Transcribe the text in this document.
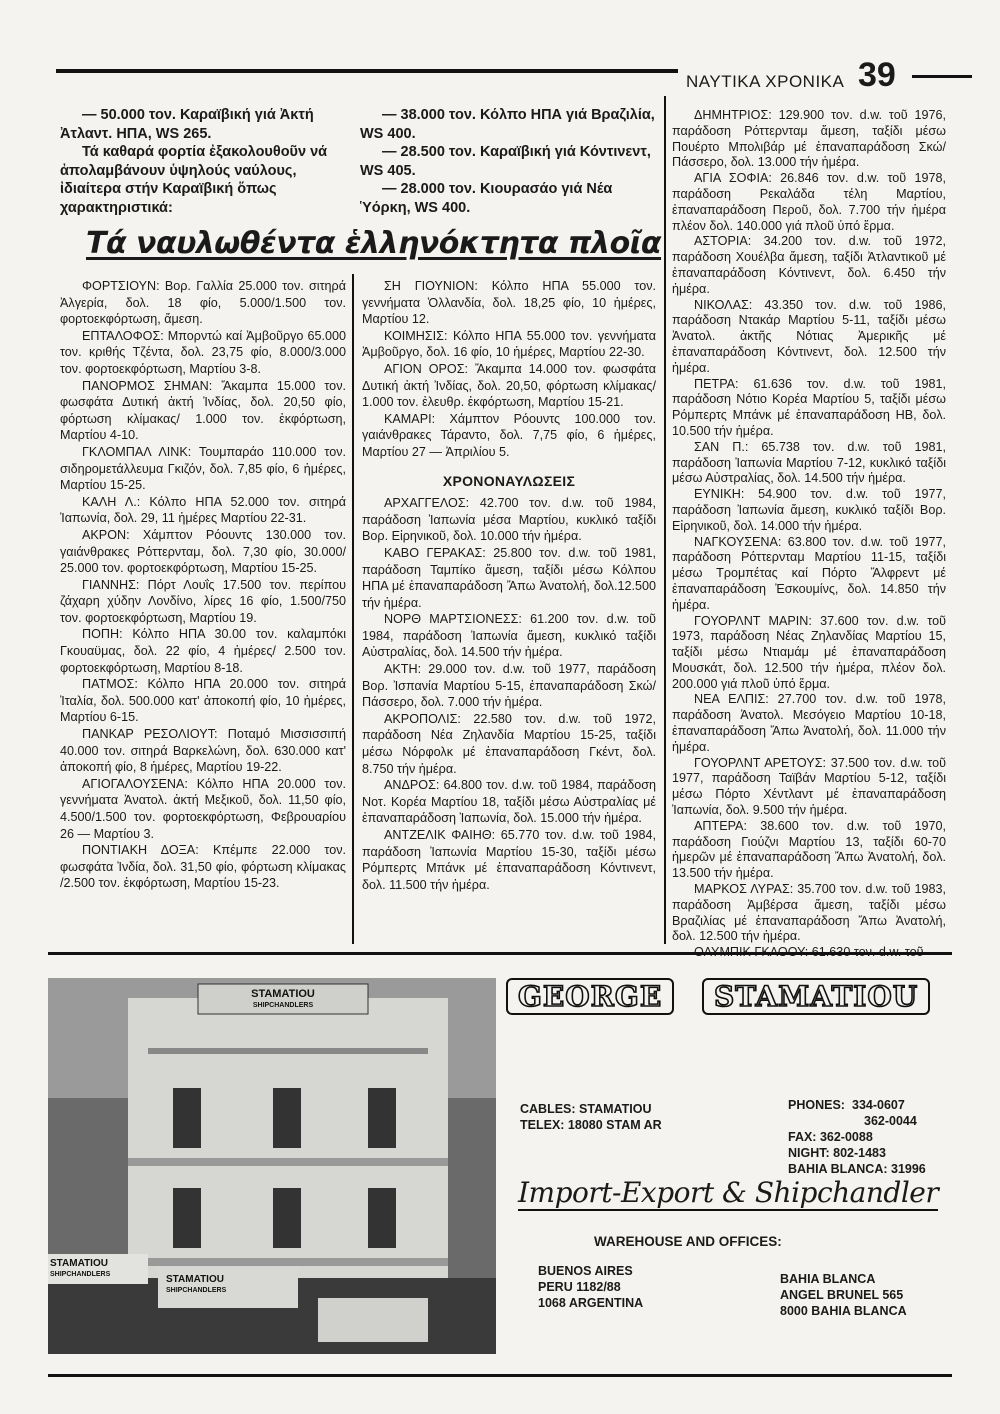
ΝΑΥΤΙΚΑ ΧΡΟΝΙΚΑ 39

— 50.000 τον. Καραϊβική γιά Ἀκτή Ἀτλαντ. ΗΠΑ, WS 265.

Τά καθαρά φορτία ἐξακολουθοῦν νά ἀπολαμβάνουν ὑψηλούς ναύλους, ἰδιαίτερα στήν Καραϊβική ὅπως χαρακτηριστικά:

— 38.000 τον. Κόλπο ΗΠΑ γιά Βραζιλία, WS 400.

— 28.500 τον. Καραϊβική γιά Κόντινεντ, WS 405.

— 28.000 τον. Κιουρασάο γιά Νέα Ὑόρκη, WS 400.

Τά ναυλωθέντα ἑλληνόκτητα πλοῖα

ΦΟΡΤΣΙΟΥΝ: Βορ. Γαλλία 25.000 τον. σιτηρά Ἀλγερία, δολ. 18 φίο, 5.000/1.500 τον. φορτοεκφόρτωση, ἄμεση.

ΕΠΤΑΛΟΦΟΣ: Μπορντώ καί Ἀμβοῦργο 65.000 τον. κριθής Τζέντα, δολ. 23,75 φίο, 8.000/3.000 τον. φορτοεκφόρτωση, Μαρτίου 3-8.

ΠΑΝΟΡΜΟΣ ΣΗΜΑΝ: Ἄκαμπα 15.000 τον. φωσφάτα Δυτική ἀκτή Ἰνδίας, δολ. 20,50 φίο, φόρτωση κλίμακας/ 1.000 τον. ἐκφόρτωση, Μαρτίου 4-10.

ΓΚΛΟΜΠΑΛ ΛΙΝΚ: Τουμπαράο 110.000 τον. σιδηρομετάλλευμα Γκιζόν, δολ. 7,85 φίο, 6 ἡμέρες, Μαρτίου 15-25.

ΚΑΛΗ Λ.: Κόλπο ΗΠΑ 52.000 τον. σιτηρά Ἰαπωνία, δολ. 29, 11 ἡμέρες Μαρτίου 22-31.

ΑΚΡΟΝ: Χάμπτον Ρόουντς 130.000 τον. γαιάνθρακες Ρόττερνταμ, δολ. 7,30 φίο, 30.000/ 25.000 τον. φορτοεκφόρτωση, Μαρτίου 15-25.

ΓΙΑΝΝΗΣ: Πόρτ Λουΐς 17.500 τον. περίπου ζάχαρη χύδην Λονδίνο, λίρες 16 φίο, 1.500/750 τον. φορτοεκφόρτωση, Μαρτίου 19.

ΠΟΠΗ: Κόλπο ΗΠΑ 30.00 τον. καλαμπόκι Γκουαϋμας, δολ. 22 φίο, 4 ἡμέρες/ 2.500 τον. φορτοεκφόρτωση, Μαρτίου 8-18.

ΠΑΤΜΟΣ: Κόλπο ΗΠΑ 20.000 τον. σιτηρά Ἰταλία, δολ. 500.000 κατ' ἀποκοπή φίο, 10 ἡμέρες, Μαρτίου 6-15.

ΠΑΝΚΑΡ ΡΕΣΟΛΙΟΥΤ: Ποταμό Μισσισσιπή 40.000 τον. σιτηρά Βαρκελώνη, δολ. 630.000 κατ' ἀποκοπή φίο, 8 ἡμέρες, Μαρτίου 19-22.

ΑΓΙΟΓΑΛΟΥΣΕΝΑ: Κόλπο ΗΠΑ 20.000 τον. γεννήματα Ἀνατολ. ἀκτή Μεξικοῦ, δολ. 11,50 φίο, 4.500/1.500 τον. φορτοεκφόρτωση, Φεβρουαρίου 26 — Μαρτίου 3.

ΠΟΝΤΙΑΚΗ ΔΟΞΑ: Κπέμπε 22.000 τον. φωσφάτα Ἰνδία, δολ. 31,50 φίο, φόρτωση κλίμακας /2.500 τον. ἐκφόρτωση, Μαρτίου 15-23.

ΣΗ ΓΙΟΥΝΙΟΝ: Κόλπο ΗΠΑ 55.000 τον. γεννήματα Ὁλλανδία, δολ. 18,25 φίο, 10 ἡμέρες, Μαρτίου 12.

ΚΟΙΜΗΣΙΣ: Κόλπο ΗΠΑ 55.000 τον. γεννήματα Ἀμβοῦργο, δολ. 16 φίο, 10 ἡμέρες, Μαρτίου 22-30.

ΑΓΙΟΝ ΟΡΟΣ: Ἄκαμπα 14.000 τον. φωσφάτα Δυτική ἀκτή Ἰνδίας, δολ. 20,50, φόρτωση κλίμακας/ 1.000 τον. ἐλευθρ. ἐκφόρτωση, Μαρτίου 15-21.

ΚΑΜΑΡΙ: Χάμπτον Ρόουντς 100.000 τον. γαιάνθρακες Τάραντο, δολ. 7,75 φίο, 6 ἡμέρες, Μαρτίου 27 — Ἀπριλίου 5.

ΧΡΟΝΟΝΑΥΛΩΣΕΙΣ

ΑΡΧΑΓΓΕΛΟΣ: 42.700 τον. d.w. τοῦ 1984, παράδοση Ἰαπωνία μέσα Μαρτίου, κυκλικό ταξίδι Βορ. Εἰρηνικοῦ, δολ. 10.000 τήν ἡμέρα.

ΚΑΒΟ ΓΕΡΑΚΑΣ: 25.800 τον. d.w. τοῦ 1981, παράδοση Ταμπίκο ἄμεση, ταξίδι μέσω Κόλπου ΗΠΑ μέ ἐπαναπαράδοση Ἄπω Ἀνατολή, δολ.12.500 τήν ἡμέρα.

ΝΟΡΘ ΜΑΡΤΣΙΟΝΕΣΣ: 61.200 τον. d.w. τοῦ 1984, παράδοση Ἰαπωνία ἄμεση, κυκλικό ταξίδι Αὐστραλίας, δολ. 14.500 τήν ἡμέρα.

ΑΚΤΗ: 29.000 τον. d.w. τοῦ 1977, παράδοση Βορ. Ἰσπανία Μαρτίου 5-15, ἐπαναπαράδοση Σκώ/ Πάσσερο, δολ. 7.000 τήν ἡμέρα.

ΑΚΡΟΠΟΛΙΣ: 22.580 τον. d.w. τοῦ 1972, παράδοση Νέα Ζηλανδία Μαρτίου 15-25, ταξίδι μέσω Νόρφολκ μέ ἐπαναπαράδοση Γκέντ, δολ. 8.750 τήν ἡμέρα.

ΑΝΔΡΟΣ: 64.800 τον. d.w. τοῦ 1984, παράδοση Νοτ. Κορέα Μαρτίου 18, ταξίδι μέσω Αὐστραλίας μέ ἐπαναπαράδοση Ἰαπωνία, δολ. 15.000 τήν ἡμέρα.

ΑΝΤΖΕΛΙΚ ΦΑΙΗΘ: 65.770 τον. d.w. τοῦ 1984, παράδοση Ἰαπωνία Μαρτίου 15-30, ταξίδι μέσω Ρόμπερτς Μπάνκ μέ ἐπαναπαράδοση Κόντινεντ, δολ. 11.500 τήν ἡμέρα.

ΔΗΜΗΤΡΙΟΣ: 129.900 τον. d.w. τοῦ 1976, παράδοση Ρόττερνταμ ἄμεση, ταξίδι μέσω Πουέρτο Μπολιβάρ μέ ἐπαναπαράδοση Σκώ/ Πάσσερο, δολ. 13.000 τήν ἡμέρα.

ΑΓΙΑ ΣΟΦΙΑ: 26.846 τον. d.w. τοῦ 1978, παράδοση Ρεκαλάδα τέλη Μαρτίου, ἐπαναπαράδοση Περοῦ, δολ. 7.700 τήν ἡμέρα πλέον δολ. 140.000 γιά πλοῦ ὑπό ἕρμα.

ΑΣΤΟΡΙΑ: 34.200 τον. d.w. τοῦ 1972, παράδοση Χουέλβα ἄμεση, ταξίδι Ἀτλαντικοῦ μέ ἐπαναπαράδοση Κόντινεντ, δολ. 6.450 τήν ἡμέρα.

ΝΙΚΟΛΑΣ: 43.350 τον. d.w. τοῦ 1986, παράδοση Ντακάρ Μαρτίου 5-11, ταξίδι μέσω Ἀνατολ. ἀκτῆς Νότιας Ἀμερικῆς μέ ἐπαναπαράδοση Κόντινεντ, δολ. 12.500 τήν ἡμέρα.

ΠΕΤΡΑ: 61.636 τον. d.w. τοῦ 1981, παράδοση Νότιο Κορέα Μαρτίου 5, ταξίδι μέσω Ρόμπερτς Μπάνκ μέ ἐπαναπαράδοση ΗΒ, δολ. 10.500 τήν ἡμέρα.

ΣΑΝ Π.: 65.738 τον. d.w. τοῦ 1981, παράδοση Ἰαπωνία Μαρτίου 7-12, κυκλικό ταξίδι μέσω Αὐστραλίας, δολ. 14.500 τήν ἡμέρα.

ΕΥΝΙΚΗ: 54.900 τον. d.w. τοῦ 1977, παράδοση Ἰαπωνία ἄμεση, κυκλικό ταξίδι Βορ. Εἰρηνικοῦ, δολ. 14.000 τήν ἡμέρα.

ΝΑΓΚΟΥΣΕΝΑ: 63.800 τον. d.w. τοῦ 1977, παράδοση Ρόττερνταμ Μαρτίου 11-15, ταξίδι μέσω Τρομπέτας καί Πόρτο Ἄλφρεντ μέ ἐπαναπαράδοση Ἐσκουμίνς, δολ. 14.850 τήν ἡμέρα.

ΓΟΥΟΡΛΝΤ ΜΑΡΙΝ: 37.600 τον. d.w. τοῦ 1973, παράδοση Νέας Ζηλανδίας Μαρτίου 15, ταξίδι μέσω Ντιαμάμ μέ ἐπαναπαράδοση Μουσκάτ, δολ. 12.500 τήν ἡμέρα, πλέον δολ. 200.000 γιά πλοῦ ὑπό ἕρμα.

ΝΕΑ ΕΛΠΙΣ: 27.700 τον. d.w. τοῦ 1978, παράδοση Ἀνατολ. Μεσόγειο Μαρτίου 10-18, ἐπαναπαράδοση Ἄπω Ἀνατολή, δολ. 11.000 τήν ἡμέρα.

ΓΟΥΟΡΛΝΤ ΑΡΕΤΟΥΣ: 37.500 τον. d.w. τοῦ 1977, παράδοση Ταϊβάν Μαρτίου 5-12, ταξίδι μέσω Πόρτο Χέντλαντ μέ ἐπαναπαράδοση Ἰαπωνία, δολ. 9.500 τήν ἡμέρα.

ΑΠΤΕΡΑ: 38.600 τον. d.w. τοῦ 1970, παράδοση Γιούζνι Μαρτίου 13, ταξίδι 60-70 ἡμερῶν μέ ἐπαναπαράδοση Ἄπω Ἀνατολή, δολ. 13.500 τήν ἡμέρα.

ΜΑΡΚΟΣ ΛΥΡΑΣ: 35.700 τον. d.w. τοῦ 1983, παράδοση Ἀμβέρσα ἄμεση, ταξίδι μέσω Βραζιλίας μέ ἐπαναπαράδοση Ἄπω Ἀνατολή, δολ. 12.500 τήν ἡμέρα.

STAMATIOU
SHIPCHANDLERS
STAMATIOU
SHIPCHANDLERS	STAMATIOU
SHIPCHANDLERS
GEORGE	STAMATIOU
CABLES: STAMATIOU
TELEX: 18080 STAM AR
PHONES: 334-0607
362-0044
FAX: 362-0088
NIGHT: 802-1483
BAHIA BLANCA: 31996
Import-Export & Shipchandler
WAREHOUSE AND OFFICES:
BUENOS AIRES
PERU 1182/88
1068 ARGENTINA
BAHIA BLANCA
ANGEL BRUNEL 565
8000 BAHIA BLANCA
